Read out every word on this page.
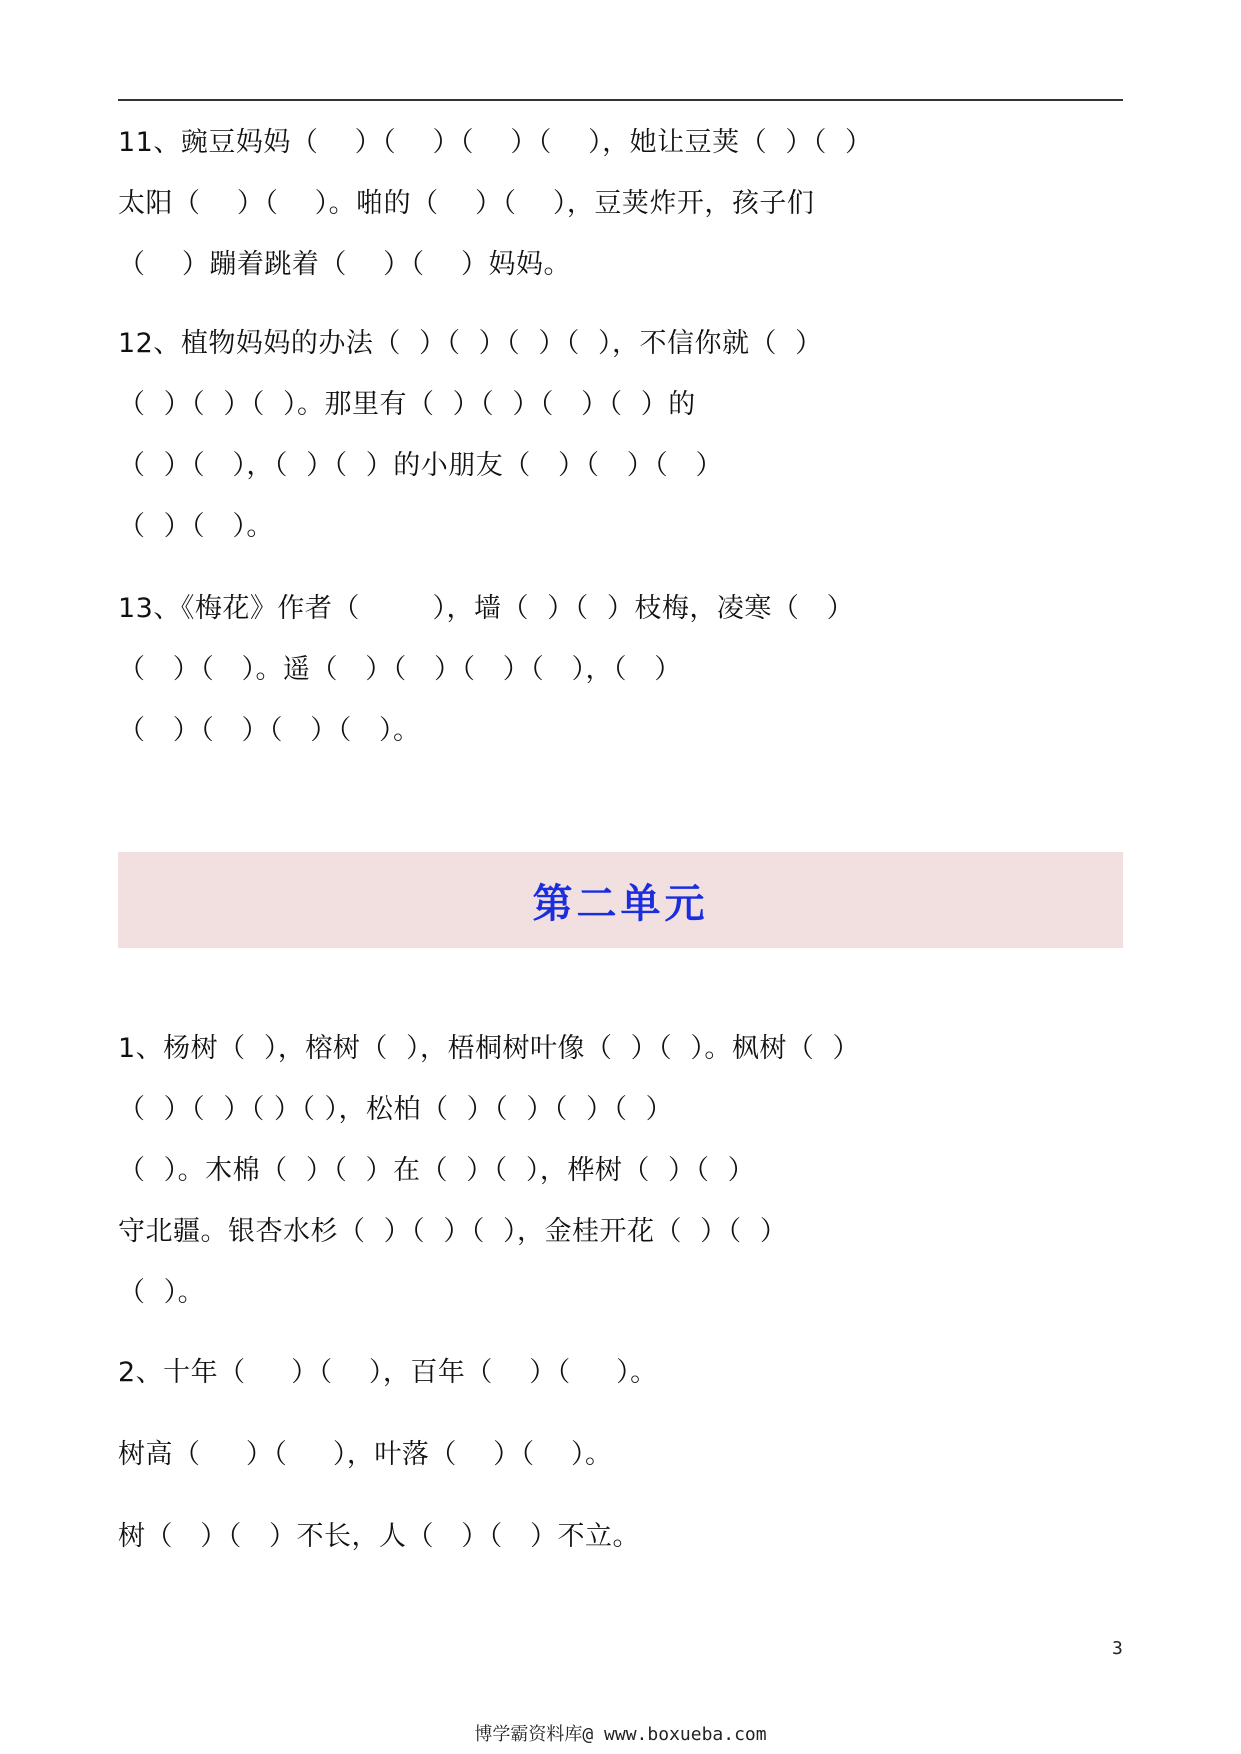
11、豌豆妈妈（    ）（    ）（    ）（    ），她让豆荚（  ）（  ）
太阳（    ）（    ）。啪的（    ）（    ），豆荚炸开，孩子们
（    ）蹦着跳着（    ）（    ）妈妈。
12、植物妈妈的办法（  ）（  ）（  ）（  ），不信你就（  ）
（  ）（  ）（  ）。那里有（  ）（  ）（   ）（  ）的
（  ）（   ），（  ）（  ）的小朋友（   ）（   ）（   ）
（  ）（   ）。
13、《梅花》作者（        ），墙（  ）（  ）枝梅，凌寒（   ）
（   ）（   ）。遥（   ）（   ）（   ）（   ），（   ）
（   ）（   ）（   ）（   ）。
第二单元
1、杨树（  ），榕树（  ），梧桐树叶像（  ）（  ）。枫树（  ）
（  ）（  ）（ ）（ ），松柏（  ）（  ）（  ）（  ）
（  ）。木棉（  ）（  ）在（  ）（  ），桦树（  ）（  ）
守北疆。银杏水杉（  ）（  ）（  ），金桂开花（  ）（  ）
（  ）。
2、十年（     ）（    ），百年（    ）（     ）。
树高（     ）（     ），叶落（    ）（    ）。
树（   ）（   ）不长，人（   ）（   ）不立。
3
博学霸资料库@ www.boxueba.com
